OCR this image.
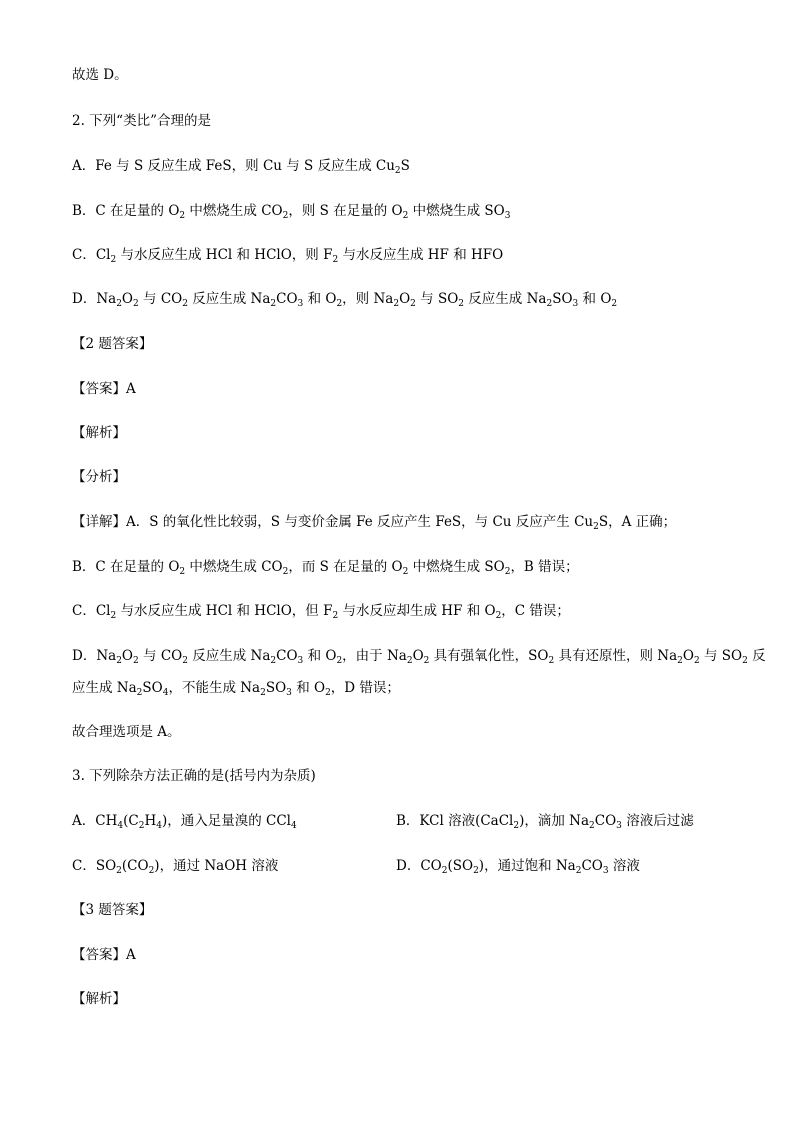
故选 D。
2. 下列“类比”合理的是
A．Fe 与 S 反应生成 FeS，则 Cu 与 S 反应生成 $Cu_2S$
B．C 在足量的 $O_2$ 中燃烧生成 $CO_2$，则 S 在足量的 $O_2$ 中燃烧生成 $SO_3$
C．$Cl_2$ 与水反应生成 HCl 和 HClO，则 $F_2$ 与水反应生成 HF 和 HFO
D．$Na_2O_2$ 与 $CO_2$ 反应生成 $Na_2CO_3$ 和 $O_2$，则 $Na_2O_2$ 与 $SO_2$ 反应生成 $Na_2SO_3$ 和 $O_2$
【2 题答案】
【答案】A
【解析】
【分析】
【详解】A．S 的氧化性比较弱，S 与变价金属 Fe 反应产生 FeS，与 Cu 反应产生 $Cu_2S$，A 正确；
B．C 在足量的 $O_2$ 中燃烧生成 $CO_2$，而 S 在足量的 $O_2$ 中燃烧生成 $SO_2$，B 错误；
C．$Cl_2$ 与水反应生成 HCl 和 HClO，但 $F_2$ 与水反应却生成 HF 和 $O_2$，C 错误；
D．$Na_2O_2$ 与 $CO_2$ 反应生成 $Na_2CO_3$ 和 $O_2$，由于 $Na_2O_2$ 具有强氧化性，$SO_2$ 具有还原性，则 $Na_2O_2$ 与 $SO_2$ 反
应生成 $Na_2SO_4$，不能生成 $Na_2SO_3$ 和 $O_2$，D 错误；
故合理选项是 A。
3. 下列除杂方法正确的是(括号内为杂质)
A．$CH_4(C_2H_4)$，通入足量溴的 CCl$_4$	B．KCl 溶液(CaCl$_2$)，滴加 $Na_2CO_3$ 溶液后过滤
C．$SO_2(CO_2)$，通过 NaOH 溶液	D．$CO_2(SO_2)$，通过饱和 $Na_2CO_3$ 溶液
【3 题答案】
【答案】A
【解析】
